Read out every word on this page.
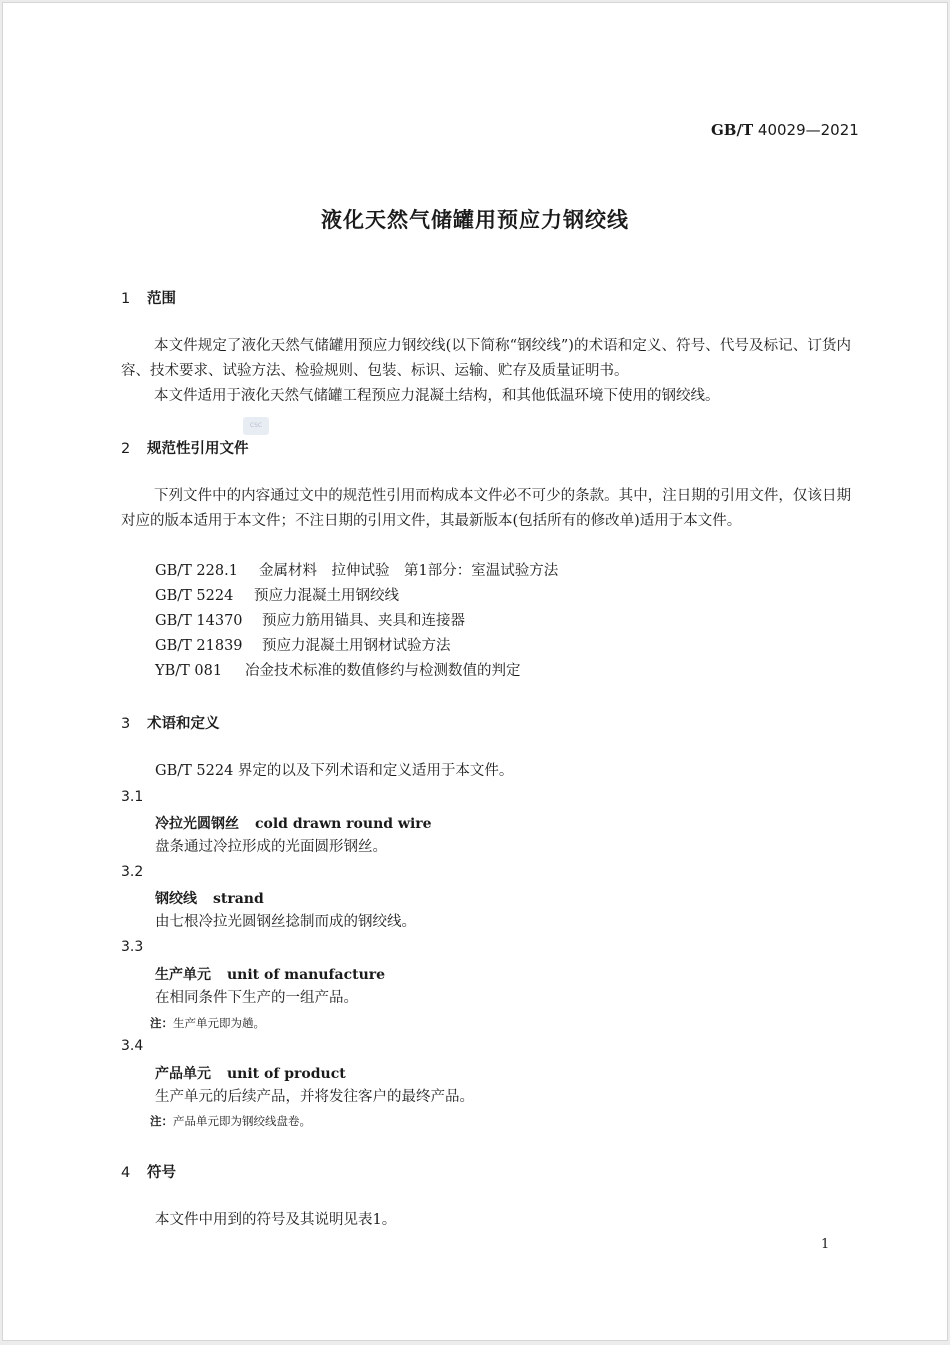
GB/T 40029—2021
液化天然气储罐用预应力钢绞线
1 范围
本文件规定了液化天然气储罐用预应力钢绞线(以下简称“钢绞线”)的术语和定义、符号、代号及标记、订货内容、技术要求、试验方法、检验规则、包装、标识、运输、贮存及质量证明书。
本文件适用于液化天然气储罐工程预应力混凝土结构，和其他低温环境下使用的钢绞线。
CSC
2 规范性引用文件
下列文件中的内容通过文中的规范性引用而构成本文件必不可少的条款。其中，注日期的引用文件，仅该日期对应的版本适用于本文件；不注日期的引用文件，其最新版本(包括所有的修改单)适用于本文件。
GB/T 228.1 金属材料　拉伸试验　第1部分：室温试验方法
GB/T 5224 预应力混凝土用钢绞线
GB/T 14370 预应力筋用锚具、夹具和连接器
GB/T 21839 预应力混凝土用钢材试验方法
YB/T 081 冶金技术标准的数值修约与检测数值的判定
3 术语和定义
GB/T 5224 界定的以及下列术语和定义适用于本文件。
3.1
冷拉光圆钢丝 cold drawn round wire
盘条通过冷拉形成的光面圆形钢丝。
3.2
钢绞线 strand
由七根冷拉光圆钢丝捻制而成的钢绞线。
3.3
生产单元 unit of manufacture
在相同条件下生产的一组产品。
注：生产单元即为趟。
3.4
产品单元 unit of product
生产单元的后续产品，并将发往客户的最终产品。
注：产品单元即为钢绞线盘卷。
4 符号
本文件中用到的符号及其说明见表1。
1
